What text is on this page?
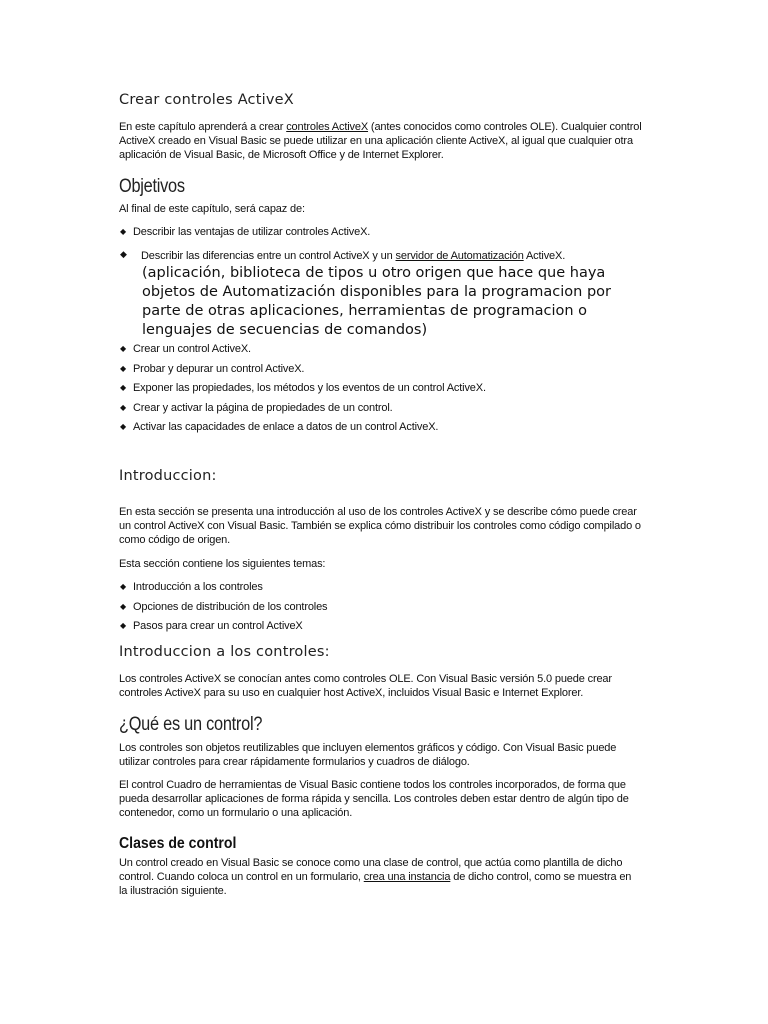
Crear controles ActiveX
En este capítulo aprenderá a crear controles ActiveX (antes conocidos como controles OLE). Cualquier control ActiveX creado en Visual Basic se puede utilizar en una aplicación cliente ActiveX, al igual que cualquier otra aplicación de Visual Basic, de Microsoft Office y de Internet Explorer.
Objetivos
Al final de este capítulo, será capaz de:
◆ Describir las ventajas de utilizar controles ActiveX.
◆ Describir las diferencias entre un control ActiveX y un servidor de Automatización ActiveX.
(aplicación, biblioteca de tipos u otro origen que hace que haya objetos de Automatización disponibles para la programacion por parte de otras aplicaciones, herramientas de programacion o lenguajes de secuencias de comandos)
◆ Crear un control ActiveX.
◆ Probar y depurar un control ActiveX.
◆ Exponer las propiedades, los métodos y los eventos de un control ActiveX.
◆ Crear y activar la página de propiedades de un control.
◆ Activar las capacidades de enlace a datos de un control ActiveX.
Introduccion:
En esta sección se presenta una introducción al uso de los controles ActiveX y se describe cómo puede crear un control ActiveX con Visual Basic. También se explica cómo distribuir los controles como código compilado o como código de origen.
Esta sección contiene los siguientes temas:
◆ Introducción a los controles
◆ Opciones de distribución de los controles
◆ Pasos para crear un control ActiveX
Introduccion a los controles:
Los controles ActiveX se conocían antes como controles OLE. Con Visual Basic versión 5.0 puede crear controles ActiveX para su uso en cualquier host ActiveX, incluidos Visual Basic e Internet Explorer.
¿Qué es un control?
Los controles son objetos reutilizables que incluyen elementos gráficos y código. Con Visual Basic puede utilizar controles para crear rápidamente formularios y cuadros de diálogo.
El control Cuadro de herramientas de Visual Basic contiene todos los controles incorporados, de forma que pueda desarrollar aplicaciones de forma rápida y sencilla. Los controles deben estar dentro de algún tipo de contenedor, como un formulario o una aplicación.
Clases de control
Un control creado en Visual Basic se conoce como una clase de control, que actúa como plantilla de dicho control. Cuando coloca un control en un formulario, crea una instancia de dicho control, como se muestra en la ilustración siguiente.
